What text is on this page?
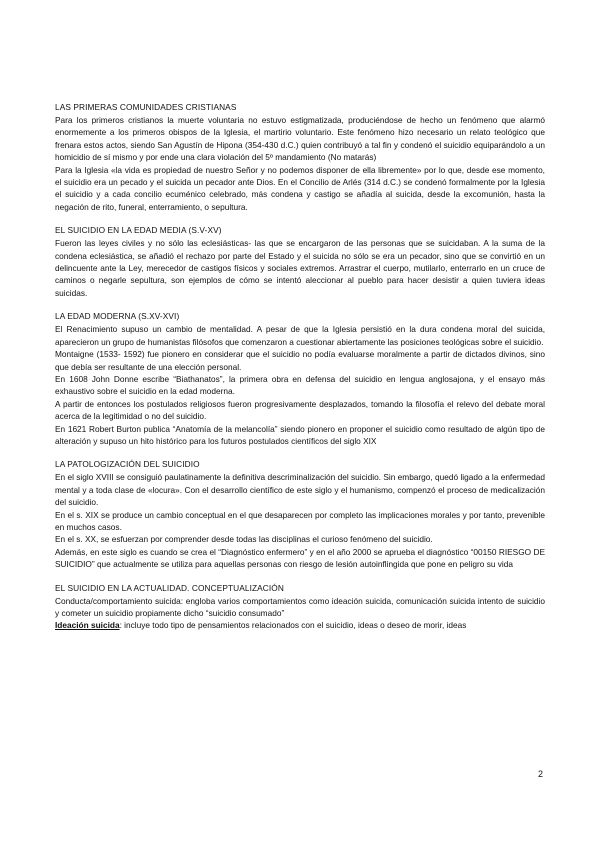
LAS PRIMERAS COMUNIDADES CRISTIANAS

Para los primeros cristianos la muerte voluntaria no estuvo estigmatizada, produciéndose de hecho un fenómeno que alarmó enormemente a los primeros obispos de la Iglesia, el martirio voluntario. Este fenómeno hizo necesario un relato teológico que frenara estos actos, siendo San Agustín de Hipona (354-430 d.C.) quien contribuyó a tal fin y condenó el suicidio equiparándolo a un homicidio de sí mismo y por ende una clara violación del 5º mandamiento (No matarás)

Para la Iglesia «la vida es propiedad de nuestro Señor y no podemos disponer de ella libremente» por lo que, desde ese momento, el suicidio era un pecado y el suicida un pecador ante Dios. En el Concilio de Arlés (314 d.C.) se condenó formalmente por la Iglesia el suicidio y a cada concilio ecuménico celebrado, más condena y castigo se añadía al suicida, desde la excomunión, hasta la negación de rito, funeral, enterramiento, o sepultura.

EL SUICIDIO EN LA EDAD MEDIA (S.V-XV)

Fueron las leyes civiles y no sólo las eclesiásticas- las que se encargaron de las personas que se suicidaban. A la suma de la condena eclesiástica, se añadió el rechazo por parte del Estado y el suicida no sólo se era un pecador, sino que se convirtió en un delincuente ante la Ley, merecedor de castigos físicos y sociales extremos. Arrastrar el cuerpo, mutilarlo, enterrarlo en un cruce de caminos o negarle sepultura, son ejemplos de cómo se intentó aleccionar al pueblo para hacer desistir a quien tuviera ideas suicidas.

LA EDAD MODERNA (S.XV-XVI)

El Renacimiento supuso un cambio de mentalidad. A pesar de que la Iglesia persistió en la dura condena moral del suicida, aparecieron un grupo de humanistas filósofos que comenzaron a cuestionar abiertamente las posiciones teológicas sobre el suicidio.

Montaigne (1533- 1592) fue pionero en considerar que el suicidio no podía evaluarse moralmente a partir de dictados divinos, sino que debía ser resultante de una elección personal.

En 1608 John Donne escribe “Biathanatos”, la primera obra en defensa del suicidio en lengua anglosajona, y el ensayo más exhaustivo sobre el suicidio en la edad moderna.

A partir de entonces los postulados religiosos fueron progresivamente desplazados, tomando la filosofía el relevo del debate moral acerca de la legitimidad o no del suicidio.

En 1621 Robert Burton publica “Anatomía de la melancolía” siendo pionero en proponer el suicidio como resultado de algún tipo de alteración y supuso un hito histórico para los futuros postulados científicos del siglo XIX

LA PATOLOGIZACIÓN DEL SUICIDIO

En el siglo XVIII se consiguió paulatinamente la definitiva descriminalización del suicidio. Sin embargo, quedó ligado a la enfermedad mental y a toda clase de «locura». Con el desarrollo científico de este siglo y el humanismo, compenzó el proceso de medicalización del suicidio.

En el s. XIX se produce un cambio conceptual en el que desaparecen por completo las implicaciones morales y por tanto, prevenible en muchos casos.

En el s. XX, se esfuerzan por comprender desde todas las disciplinas el curioso fenómeno del suicidio.

Además, en este siglo es cuando se crea el “Diagnóstico enfermero” y en el año 2000 se aprueba el diagnóstico “00150 RIESGO DE SUICIDIO” que actualmente se utiliza para aquellas personas con riesgo de lesión autoinflingida que pone en peligro su vida

EL SUICIDIO EN LA ACTUALIDAD. CONCEPTUALIZACIÓN

Conducta/comportamiento suicida: engloba varios comportamientos como ideación suicida, comunicación suicida intento de suicidio y cometer un suicidio propiamente dicho “suicidio consumado”

Ideación suicida: incluye todo tipo de pensamientos relacionados con el suicidio, ideas o deseo de morir, ideas

2
